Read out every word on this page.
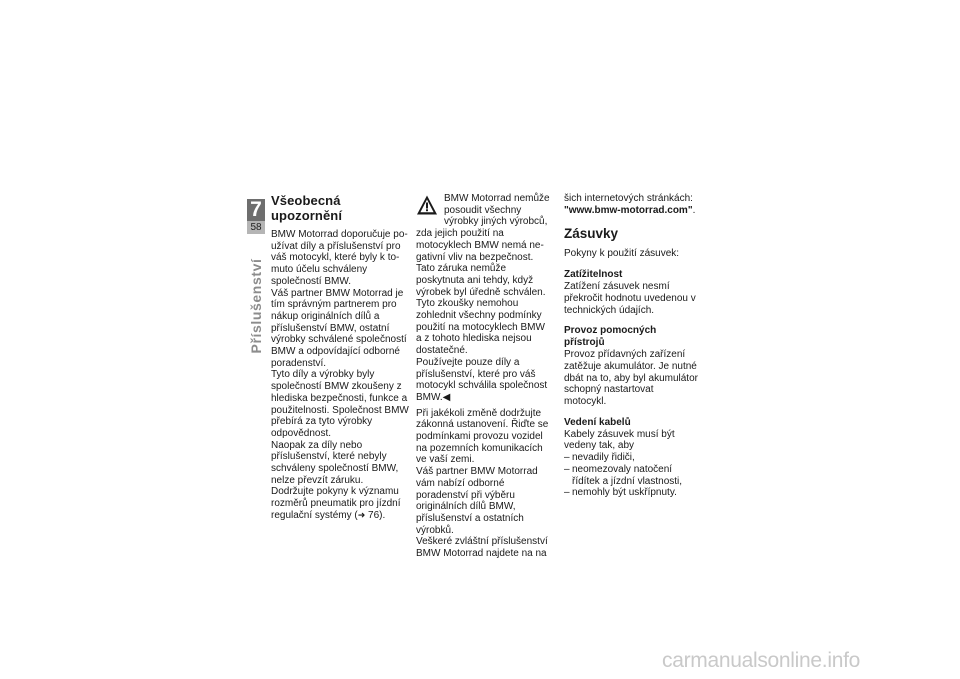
7
58
Příslušenství
Všeobecná upozornění

BMW Motorrad doporučuje používat díly a příslušenství pro váš motocykl, které byly k tomuto účelu schváleny společností BMW.

Váš partner BMW Motorrad je tím správným partnerem pro nákup originálních dílů a příslušenství BMW, ostatní výrobky schválené společností BMW a odpovídající odborné poradenství.

Tyto díly a výrobky byly společností BMW zkoušeny z hlediska bezpečnosti, funkce a použitelnosti. Společnost BMW přebírá za tyto výrobky odpovědnost.

Naopak za díly nebo příslušenství, které nebyly schváleny společností BMW, nelze převzít záruku.

Dodržujte pokyny k významu rozměrů pneumatik pro jízdní regulační systémy (➜ 76).

BMW Motorrad nemůže posoudit všechny výrobky jiných výrobců, zda jejich použití na motocyklech BMW nemá negativní vliv na bezpečnost. Tato záruka nemůže poskytnuta ani tehdy, když výrobek byl úředně schválen. Tyto zkoušky nemohou zohlednit všechny podmínky použití na motocyklech BMW a z tohoto hlediska nejsou dostatečné.

Používejte pouze díly a příslušenství, které pro váš motocykl schválila společnost BMW.◀

Při jakékoli změně dodržujte zákonná ustanovení. Řiďte se podmínkami provozu vozidel na pozemních komunikacích ve vaší zemi.

Váš partner BMW Motorrad vám nabízí odborné poradenství při výběru originálních dílů BMW, příslušenství a ostatních výrobků.

Veškeré zvláštní příslušenství BMW Motorrad najdete na na

šich internetových stránkách:

"www.bmw-motorrad.com".

Zásuvky

Pokyny k použití zásuvek:

Zatížitelnost

Zatížení zásuvek nesmí překročit hodnotu uvedenou v technických údajích.

Provoz pomocných přístrojů

Provoz přídavných zařízení zatěžuje akumulátor. Je nutné dbát na to, aby byl akumulátor schopný nastartovat motocykl.

Vedení kabelů

Kabely zásuvek musí být vedeny tak, aby

– nevadily řidiči,
– neomezovaly natočení řídítek a jízdní vlastnosti,
– nemohly být uskřípnuty.
carmanualsonline.info
